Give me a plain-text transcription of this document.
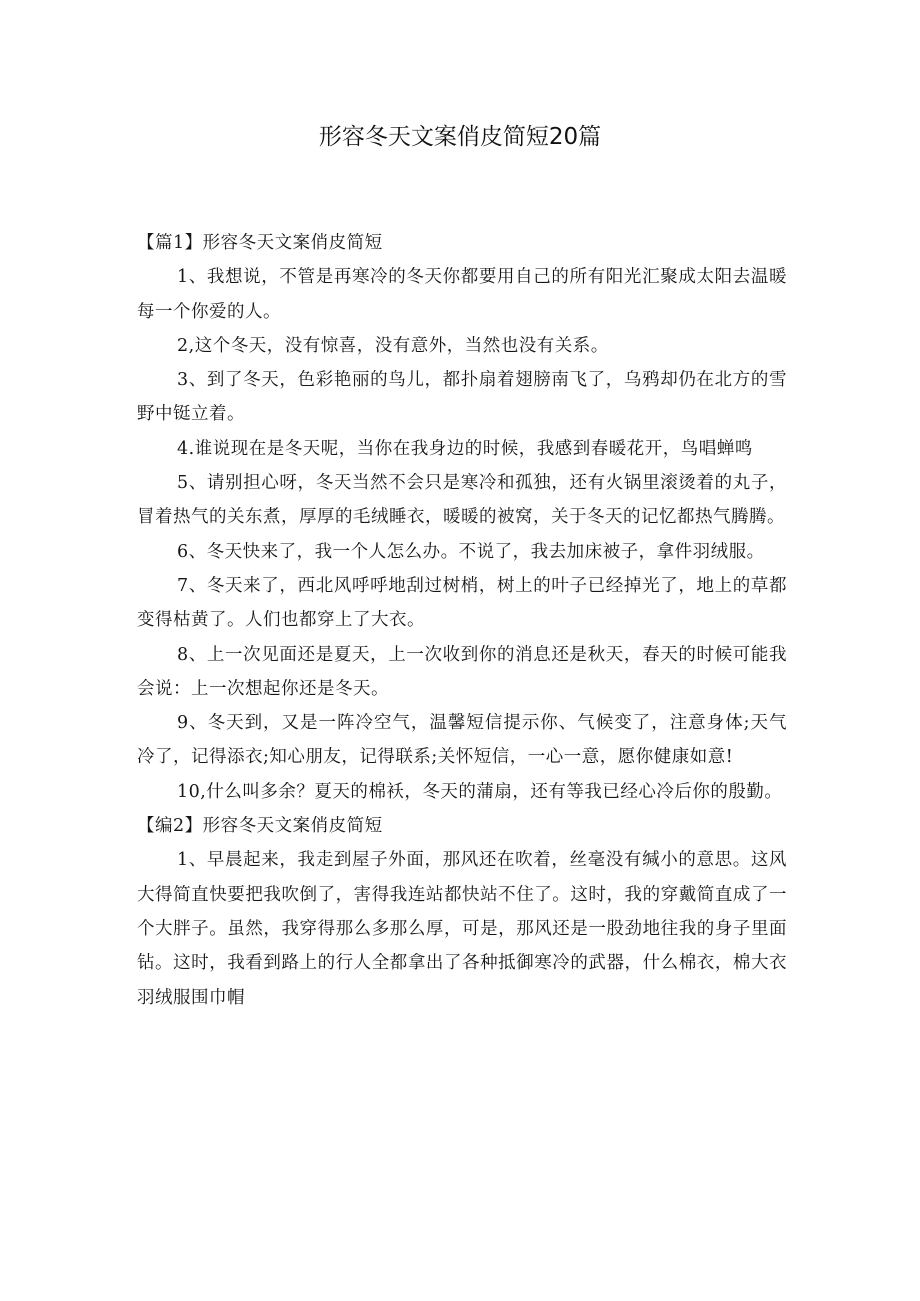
形容冬天文案俏皮简短20篇

【篇1】形容冬天文案俏皮简短

1、我想说，不管是再寒冷的冬天你都要用自己的所有阳光汇聚成太阳去温暖每一个你爱的人。

2,这个冬天，没有惊喜，没有意外，当然也没有关系。

3、到了冬天，色彩艳丽的鸟儿，都扑扇着翅膀南飞了，乌鸦却仍在北方的雪野中铤立着。

4.谁说现在是冬天呢，当你在我身边的时候，我感到春暖花开，鸟唱蝉鸣

5、请别担心呀，冬天当然不会只是寒冷和孤独，还有火锅里滚烫着的丸子，冒着热气的关东煮，厚厚的毛绒睡衣，暖暖的被窝，关于冬天的记忆都热气腾腾。

6、冬天快来了，我一个人怎么办。不说了，我去加床被子，拿件羽绒服。

7、冬天来了，西北风呼呼地刮过树梢，树上的叶子已经掉光了，地上的草都变得枯黄了。人们也都穿上了大衣。

8、上一次见面还是夏天，上一次收到你的消息还是秋天，春天的时候可能我会说：上一次想起你还是冬天。

9、冬天到，又是一阵冷空气，温馨短信提示你、气候变了，注意身体;天气冷了，记得添衣;知心朋友，记得联系;关怀短信，一心一意，愿你健康如意!

10,什么叫多余？夏天的棉袄，冬天的蒲扇，还有等我已经心冷后你的殷勤。

【编2】形容冬天文案俏皮简短

1、早晨起来，我走到屋子外面，那风还在吹着，丝毫没有缄小的意思。这风大得简直快要把我吹倒了，害得我连站都快站不住了。这时，我的穿戴简直成了一个大胖子。虽然，我穿得那么多那么厚，可是，那风还是一股劲地往我的身子里面钻。这时，我看到路上的行人全都拿出了各种抵御寒冷的武器，什么棉衣，棉大衣羽绒服围巾帽
